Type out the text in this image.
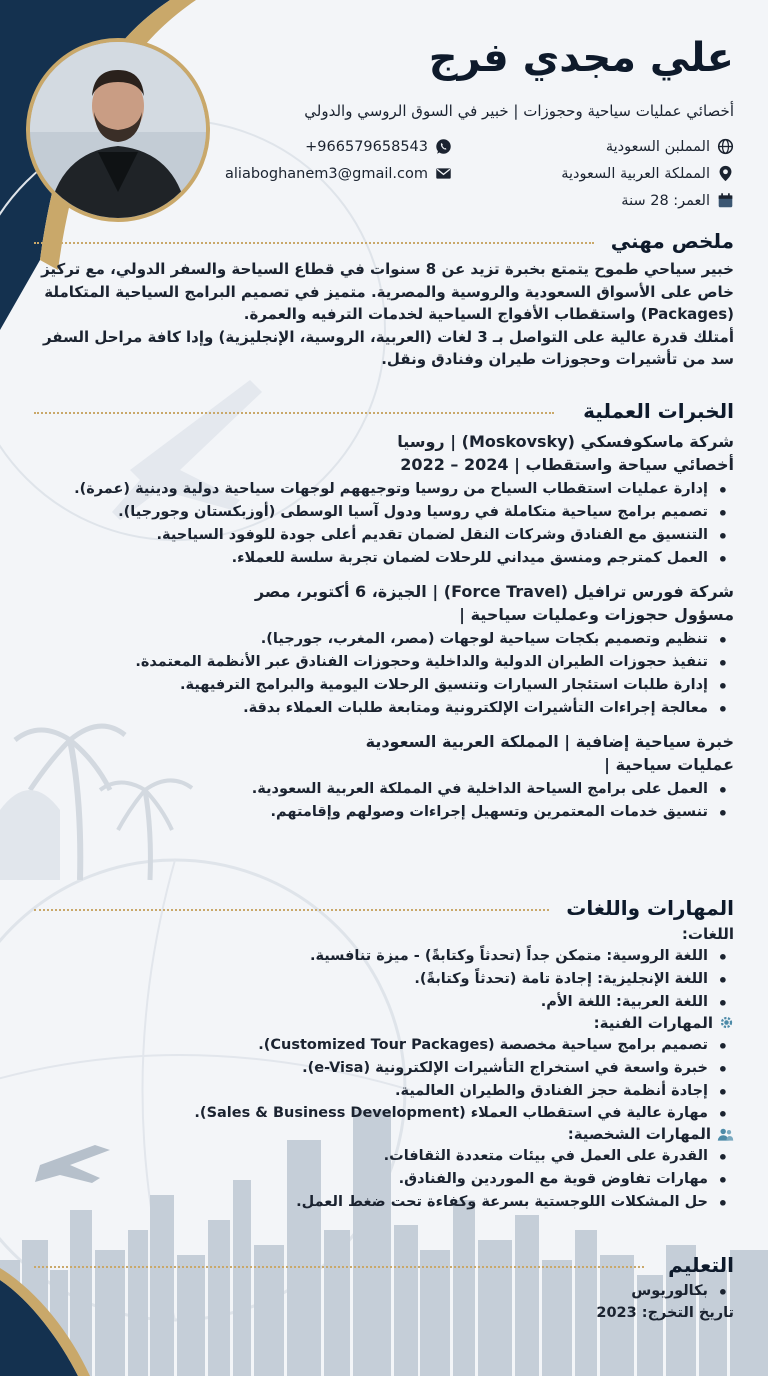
علي مجدي فرج

أخصائي عمليات سياحية وحجوزات | خبير في السوق الروسي والدولي

المملبن السعودية
المملكة العربية السعودية
العمر: 28 سنة
+966579658543
aliaboghanem3@gmail.com
ملخص مهني

خبير سياحي طموح يتمتع بخبرة تزيد عن 8 سنوات في قطاع السياحة والسفر الدولي، مع تركيز خاص على الأسواق السعودية والروسية والمصرية. متميز في تصميم البرامج السياحية المتكاملة (Packages) واستقطاب الأفواج السياحية لخدمات الترفيه والعمرة.

أمتلك قدرة عالية على التواصل بـ 3 لغات (العربية، الروسية، الإنجليزية) وإدا كافة مراحل السفر سد من تأشيرات وحجوزات طيران وفنادق ونقل.

الخبرات العملية

شركة ماسكوفسكي (Moskovsky) | روسيا

أخصائي سياحة واستقطاب | 2024 – 2022

• إدارة عمليات استقطاب السياح من روسيا وتوجيههم لوجهات سياحية دولية ودينية (عمرة).
• تصميم برامج سياحية متكاملة في روسيا ودول آسيا الوسطى (أوزبكستان وجورجيا).
• التنسيق مع الفنادق وشركات النقل لضمان تقديم أعلى جودة للوفود السياحية.
• العمل كمترجم ومنسق ميداني للرحلات لضمان تجربة سلسة للعملاء.

شركة فورس ترافيل (Force Travel) | الجيزة، 6 أكتوبر، مصر

مسؤول حجوزات وعمليات سياحية |

• تنظيم وتصميم بكجات سياحية لوجهات (مصر، المغرب، جورجيا).
• تنفيذ حجوزات الطيران الدولية والداخلية وحجوزات الفنادق عبر الأنظمة المعتمدة.
• إدارة طلبات استئجار السيارات وتنسيق الرحلات اليومية والبرامج الترفيهية.
• معالجة إجراءات التأشيرات الإلكترونية ومتابعة طلبات العملاء بدقة.

خبرة سياحية إضافية | المملكة العربية السعودية

عمليات سياحية |

• العمل على برامج السياحة الداخلية في المملكة العربية السعودية.
• تنسيق خدمات المعتمرين وتسهيل إجراءات وصولهم وإقامتهم.
المهارات واللغات

اللغات:

• اللغة الروسية: متمكن جداً (تحدثاً وكتابةً) - ميزة تنافسية.
• اللغة الإنجليزية: إجادة تامة (تحدثاً وكتابةً).
• اللغة العربية: اللغة الأم.

المهارات الفنية:

• تصميم برامج سياحية مخصصة (Customized Tour Packages).
• خبرة واسعة في استخراج التأشيرات الإلكترونية (e-Visa).
• إجادة أنظمة حجز الفنادق والطيران العالمية.
• مهارة عالية في استقطاب العملاء (Sales & Business Development).

المهارات الشخصية:

• القدرة على العمل في بيئات متعددة الثقافات.
• مهارات تفاوض قوية مع الموردين والفنادق.
• حل المشكلات اللوجستية بسرعة وكفاءة تحت ضغط العمل.
التعليم
• بكالوريوس

تاريخ التخرج: 2023
